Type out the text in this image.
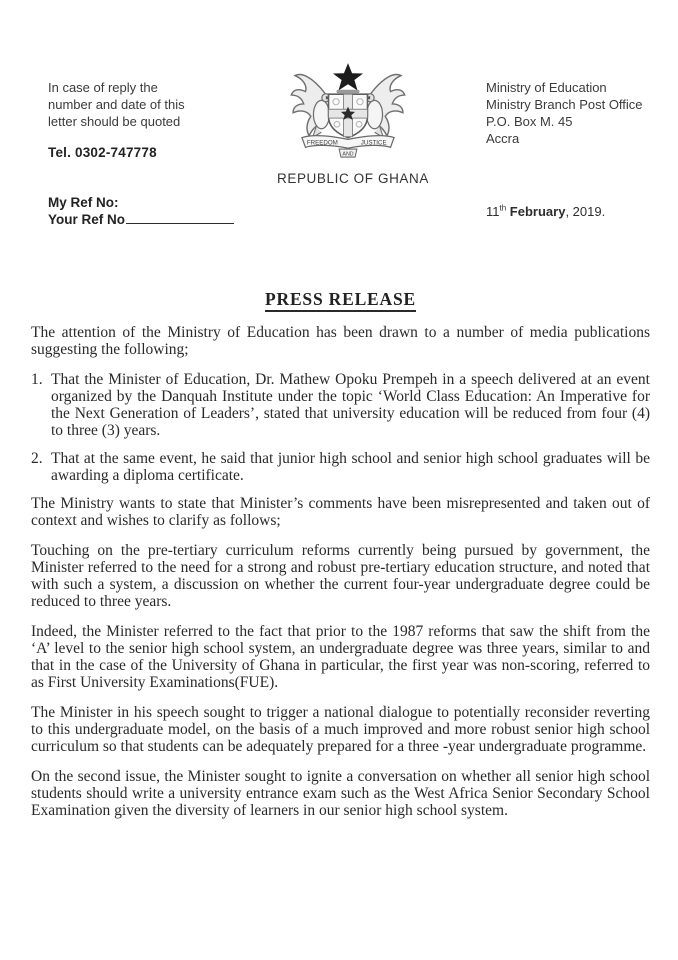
In case of reply the
number and date of this
letter should be quoted
Tel. 0302-747778
FREEDOM	JUSTICE
AND
REPUBLIC OF GHANA
Ministry of Education
Ministry Branch Post Office
P.O. Box M. 45
Accra
My Ref No:
Your Ref No
11th February, 2019.
PRESS RELEASE

The attention of the Ministry of Education has been drawn to a number of media publications suggesting the following;

1. That the Minister of Education, Dr. Mathew Opoku Prempeh in a speech delivered at an event organized by the Danquah Institute under the topic ‘World Class Education: An Imperative for the Next Generation of Leaders’, stated that university education will be reduced from four (4) to three (3) years.
2. That at the same event, he said that junior high school and senior high school graduates will be awarding a diploma certificate.

The Ministry wants to state that Minister’s comments have been misrepresented and taken out of context and wishes to clarify as follows;

Touching on the pre-tertiary curriculum reforms currently being pursued by government, the Minister referred to the need for a strong and robust pre-tertiary education structure, and noted that with such a system, a discussion on whether the current four-year undergraduate degree could be reduced to three years.

Indeed, the Minister referred to the fact that prior to the 1987 reforms that saw the shift from the ‘A’ level to the senior high school system, an undergraduate degree was three years, similar to and that in the case of the University of Ghana in particular, the first year was non-scoring, referred to as First University Examinations(FUE).

The Minister in his speech sought to trigger a national dialogue to potentially reconsider reverting to this undergraduate model, on the basis of a much improved and more robust senior high school curriculum so that students can be adequately prepared for a three -year undergraduate programme.

On the second issue, the Minister sought to ignite a conversation on whether all senior high school students should write a university entrance exam such as the West Africa Senior Secondary School Examination given the diversity of learners in our senior high school system.
